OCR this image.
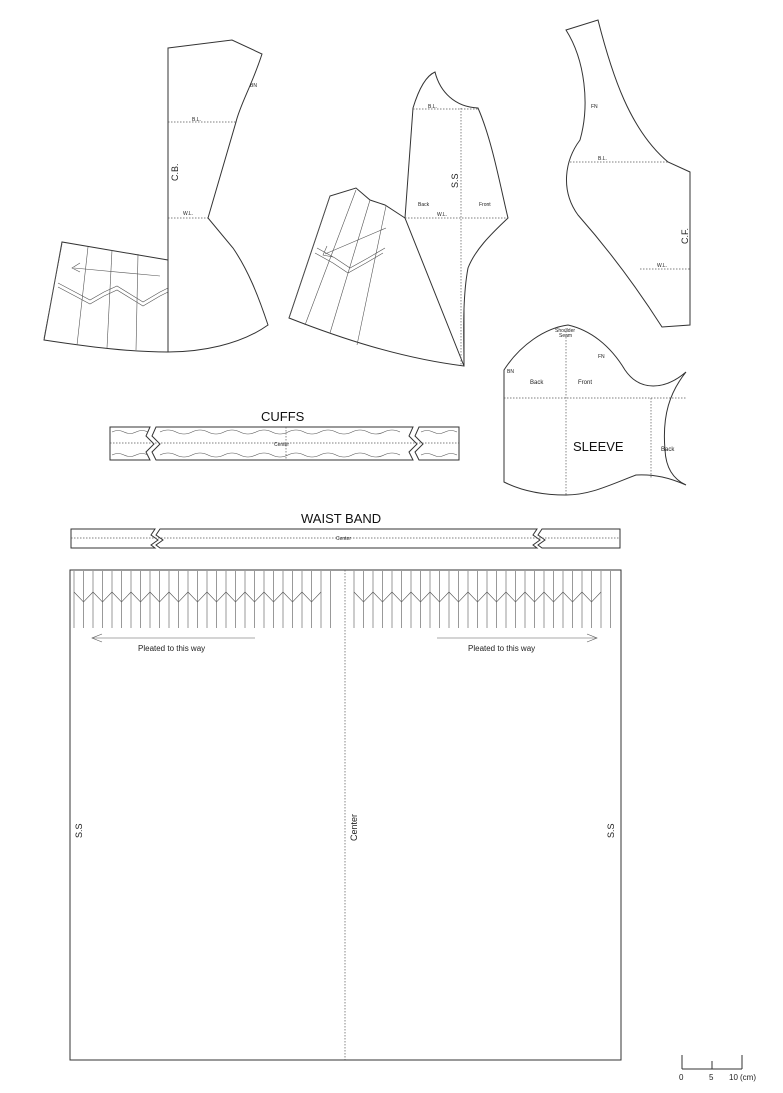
BN
B.L.
C.B.
W.L.
B.L.
S.S
Back	Front
W.L.
FN
B.L.
C.F.
W.L.
Shoulder
Seam
FN
BN
Back	Front
SLEEVE	Back
CUFFS
Center
WAIST BAND
Center
Pleated to this way	Pleated to this way
S.S	Center	S.S
0	5 10 (cm)
